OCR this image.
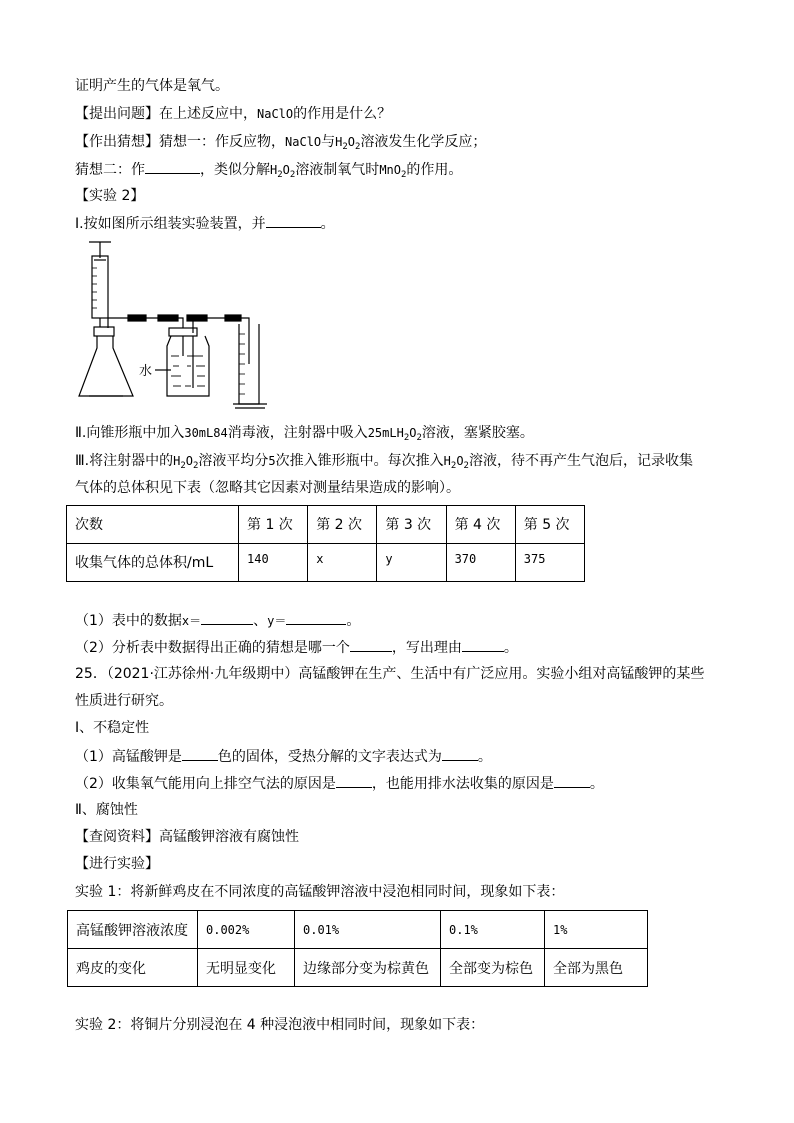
证明产生的气体是氧气。
【提出问题】在上述反应中，NaClO的作用是什么？
【作出猜想】猜想一：作反应物，NaClO与$H_2O_2$溶液发生化学反应；
猜想二：作	，类似分解$H_2O_2$溶液制氧气时MnO$_2$的作用。
【实验 2】
Ⅰ.按如图所示组装实验装置，并	。
水
Ⅱ.向锥形瓶中加入30mL84消毒液，注射器中吸入$25mLH_2O_2$溶液，塞紧胶塞。
Ⅲ.将注射器中的$H_2O_2$溶液平均分5次推入锥形瓶中。每次推入$H_2O_2$溶液，待不再产生气泡后，记录收集
气体的总体积见下表（忽略其它因素对测量结果造成的影响）。
次数	第 1 次	第 2 次	第 3 次	第 4 次	第 5 次
收集气体的总体积/mL	140	x	y	370	375
（1）表中的数据x＝	、y＝	。
（2）分析表中数据得出正确的猜想是哪一个	，写出理由	。
25．（2021·江苏徐州·九年级期中）高锰酸钾在生产、生活中有广泛应用。实验小组对高锰酸钾的某些
性质进行研究。
Ⅰ、不稳定性
（1）高锰酸钾是	色的固体，受热分解的文字表达式为	。
（2）收集氧气能用向上排空气法的原因是	，也能用排水法收集的原因是	。
Ⅱ、腐蚀性
【查阅资料】高锰酸钾溶液有腐蚀性
【进行实验】
实验 1：将新鲜鸡皮在不同浓度的高锰酸钾溶液中浸泡相同时间，现象如下表：
高锰酸钾溶液浓度	0.002%	0.01%	0.1%	1%
鸡皮的变化	无明显变化	边缘部分变为棕黄色	全部变为棕色	全部为黑色
实验 2：将铜片分别浸泡在 4 种浸泡液中相同时间，现象如下表：
